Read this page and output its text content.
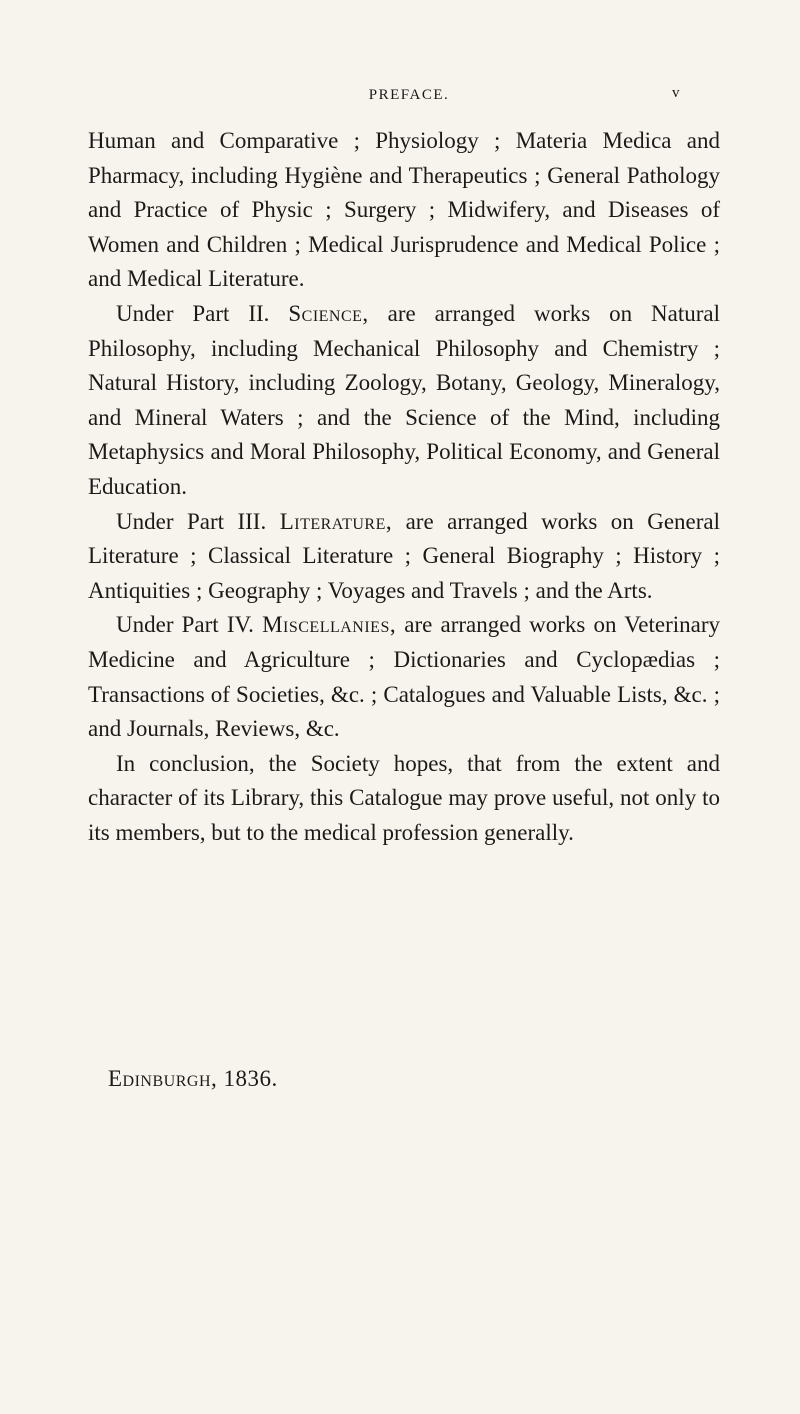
PREFACE.	v

Human and Comparative ; Physiology ; Materia Medica and Pharmacy, including Hygiène and Therapeutics ; General Pathology and Practice of Physic ; Surgery ; Midwifery, and Diseases of Women and Children ; Medical Jurisprudence and Medical Police ; and Medical Literature.

Under Part II. Science, are arranged works on Natural Philosophy, including Mechanical Philosophy and Chemistry ; Natural History, including Zoology, Botany, Geology, Mineralogy, and Mineral Waters ; and the Science of the Mind, including Metaphysics and Moral Philosophy, Political Economy, and General Education.

Under Part III. Literature, are arranged works on General Literature ; Classical Literature ; General Biography ; History ; Antiquities ; Geography ; Voyages and Travels ; and the Arts.

Under Part IV. Miscellanies, are arranged works on Veterinary Medicine and Agriculture ; Dictionaries and Cyclopædias ; Transactions of Societies, &c. ; Catalogues and Valuable Lists, &c. ; and Journals, Reviews, &c.

In conclusion, the Society hopes, that from the extent and character of its Library, this Catalogue may prove useful, not only to its members, but to the medical profession generally.

Edinburgh, 1836.
